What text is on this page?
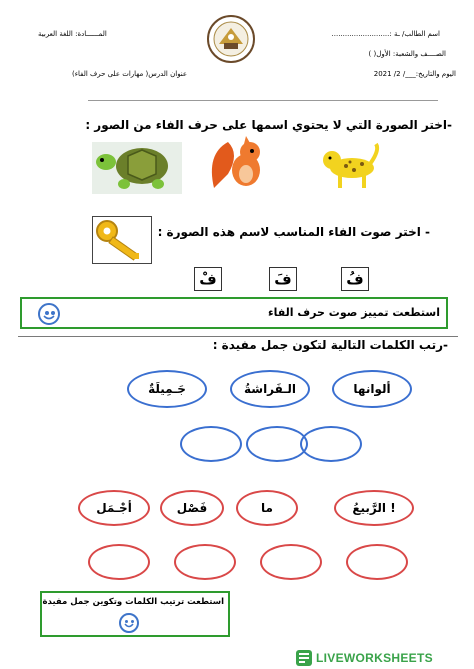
اسم الطالب/ ـة :..........................
الصــــف والشعبة: الأول( )
اليوم والتاريخ:___/ 2/ 2021
المــــــادة: اللغة العربية
عنوان الدرس( مهارات على حرف الفاء)
-اختر الصورة التي لا يحتوي اسمها على حرف الفاء من الصور :
- اختر صوت الفاء المناسب لاسم هذه الصورة :
فُ
فَ
فْ
استطعت تمييز صوت حرف الفاء
-رتب الكلمات التالية لتكون جمل مفيدة :
ألوانها
الـفَراشةُ
جَـمِيلَةٌ
الرَّبيعُ !
ما
فَصْل
أجْـمَل
استطعت ترتيب الكلمات وتكوين جمل مفيدة
LIVEWORKSHEETS
